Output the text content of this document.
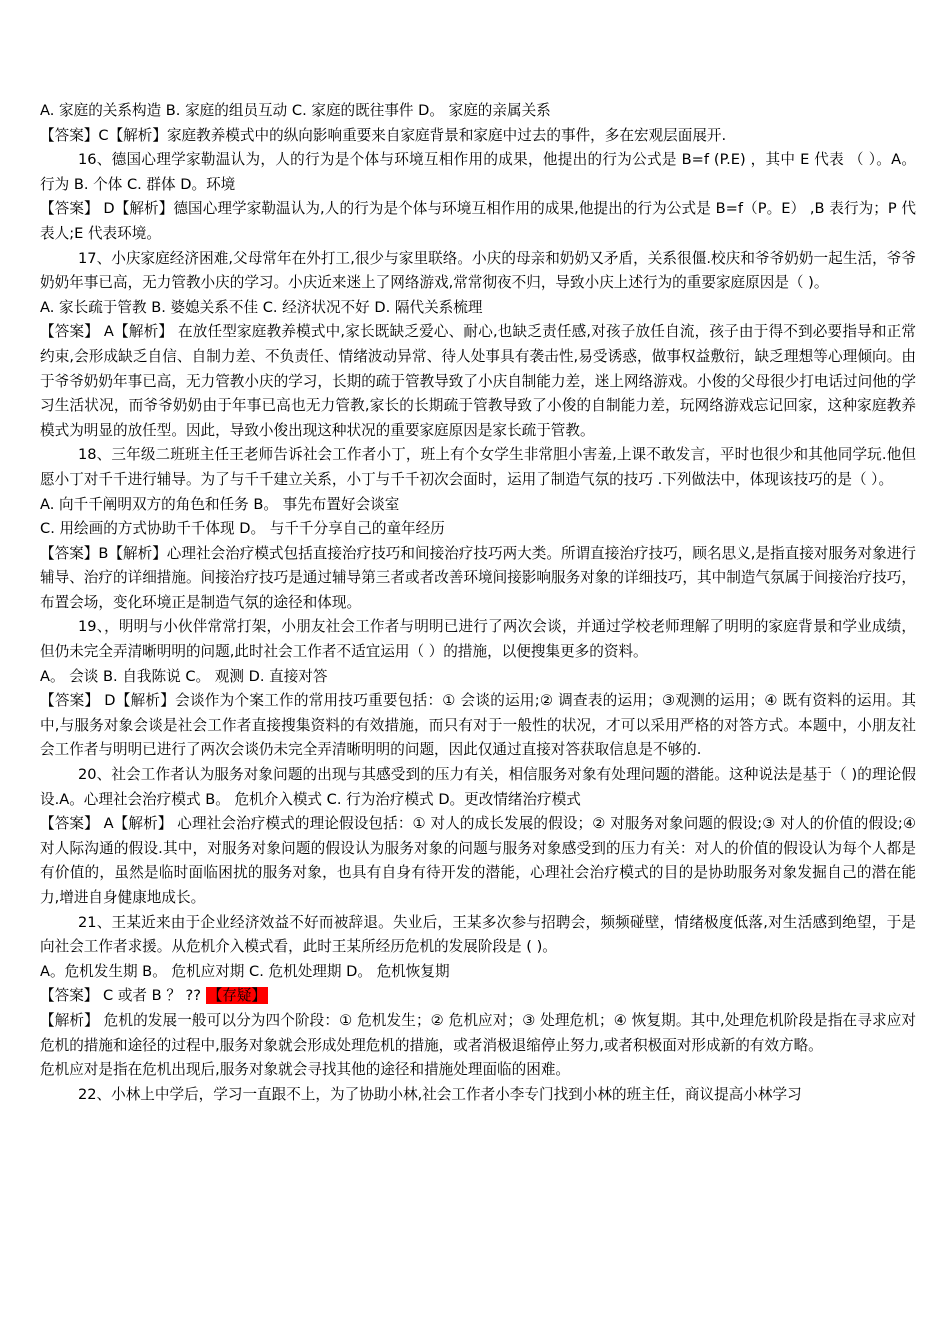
A. 家庭的关系构造 B. 家庭的组员互动 C. 家庭的既往事件 D。 家庭的亲属关系

【答案】C【解析】家庭教养模式中的纵向影响重要来自家庭背景和家庭中过去的事件，多在宏观层面展开.

16、德国心理学家勒温认为，人的行为是个体与环境互相作用的成果，他提出的行为公式是 B=f (P.E) ，其中 E 代表 （ ）。A。 行为 B. 个体 C. 群体 D。环境

【答案】 D【解析】德国心理学家勒温认为,人的行为是个体与环境互相作用的成果,他提出的行为公式是 B=f（P。E） ,B 表行为；P 代表人;E 代表环境。

17、小庆家庭经济困难,父母常年在外打工,很少与家里联络。小庆的母亲和奶奶又矛盾，关系很僵.校庆和爷爷奶奶一起生活，爷爷奶奶年事已高，无力管教小庆的学习。小庆近来迷上了网络游戏,常常彻夜不归，导致小庆上述行为的重要家庭原因是（ )。

A. 家长疏于管教 B. 婆媳关系不佳 C. 经济状况不好 D. 隔代关系梳理

【答案】 A【解析】 在放任型家庭教养模式中,家长既缺乏爱心、耐心,也缺乏责任感,对孩子放任自流，孩子由于得不到必要指导和正常约束,会形成缺乏自信、自制力差、不负责任、情绪波动异常、待人处事具有袭击性,易受诱惑，做事权益敷衍，缺乏理想等心理倾向。由于爷爷奶奶年事已高，无力管教小庆的学习，长期的疏于管教导致了小庆自制能力差，迷上网络游戏。小俊的父母很少打电话过问他的学习生活状况，而爷爷奶奶由于年事已高也无力管教,家长的长期疏于管教导致了小俊的自制能力差，玩网络游戏忘记回家，这种家庭教养模式为明显的放任型。因此，导致小俊出现这种状况的重要家庭原因是家长疏于管教。

18、三年级二班班主任王老师告诉社会工作者小丁，班上有个女学生非常胆小害羞,上课不敢发言，平时也很少和其他同学玩.他但愿小丁对千千进行辅导。为了与千千建立关系，小丁与千千初次会面时，运用了制造气氛的技巧 .下列做法中，体现该技巧的是（ ）。

A. 向千千阐明双方的角色和任务 B。 事先布置好会谈室

C. 用绘画的方式协助千千体现 D。 与千千分享自己的童年经历

【答案】B【解析】心理社会治疗模式包括直接治疗技巧和间接治疗技巧两大类。所谓直接治疗技巧，顾名思义,是指直接对服务对象进行辅导、治疗的详细措施。间接治疗技巧是通过辅导第三者或者改善环境间接影响服务对象的详细技巧，其中制造气氛属于间接治疗技巧，布置会场，变化环境正是制造气氛的途径和体现。

19、，明明与小伙伴常常打架，小朋友社会工作者与明明已进行了两次会谈，并通过学校老师理解了明明的家庭背景和学业成绩，但仍未完全弄清晰明明的问题,此时社会工作者不适宜运用（ ）的措施，以便搜集更多的资料。

A。 会谈 B. 自我陈说 C。 观测 D. 直接对答

【答案】 D【解析】会谈作为个案工作的常用技巧重要包括：① 会谈的运用;② 调查表的运用；③观测的运用；④ 既有资料的运用。其中,与服务对象会谈是社会工作者直接搜集资料的有效措施，而只有对于一般性的状况，才可以采用严格的对答方式。本题中，小朋友社会工作者与明明已进行了两次会谈仍未完全弄清晰明明的问题，因此仅通过直接对答获取信息是不够的.

20、社会工作者认为服务对象问题的出现与其感受到的压力有关，相信服务对象有处理问题的潜能。这种说法是基于（ )的理论假设.A。心理社会治疗模式 B。 危机介入模式 C. 行为治疗模式 D。更改情绪治疗模式

【答案】 A【解析】 心理社会治疗模式的理论假设包括：① 对人的成长发展的假设；② 对服务对象问题的假设;③ 对人的价值的假设;④ 对人际沟通的假设.其中，对服务对象问题的假设认为服务对象的问题与服务对象感受到的压力有关：对人的价值的假设认为每个人都是有价值的，虽然是临时面临困扰的服务对象，也具有自身有待开发的潜能，心理社会治疗模式的目的是协助服务对象发掘自己的潜在能力,增进自身健康地成长。

21、王某近来由于企业经济效益不好而被辞退。失业后，王某多次参与招聘会，频频碰壁，情绪极度低落,对生活感到绝望，于是向社会工作者求援。从危机介入模式看，此时王某所经历危机的发展阶段是 ( )。

A。危机发生期 B。 危机应对期 C. 危机处理期 D。 危机恢复期

【答案】 C 或者 B ？ ?? 【存疑】

【解析】 危机的发展一般可以分为四个阶段：① 危机发生；② 危机应对；③ 处理危机；④ 恢复期。其中,处理危机阶段是指在寻求应对危机的措施和途径的过程中,服务对象就会形成处理危机的措施，或者消极退缩停止努力,或者积极面对形成新的有效方略。

危机应对是指在危机出现后,服务对象就会寻找其他的途径和措施处理面临的困难。

22、小林上中学后，学习一直跟不上，为了协助小林,社会工作者小李专门找到小林的班主任，商议提高小林学习
